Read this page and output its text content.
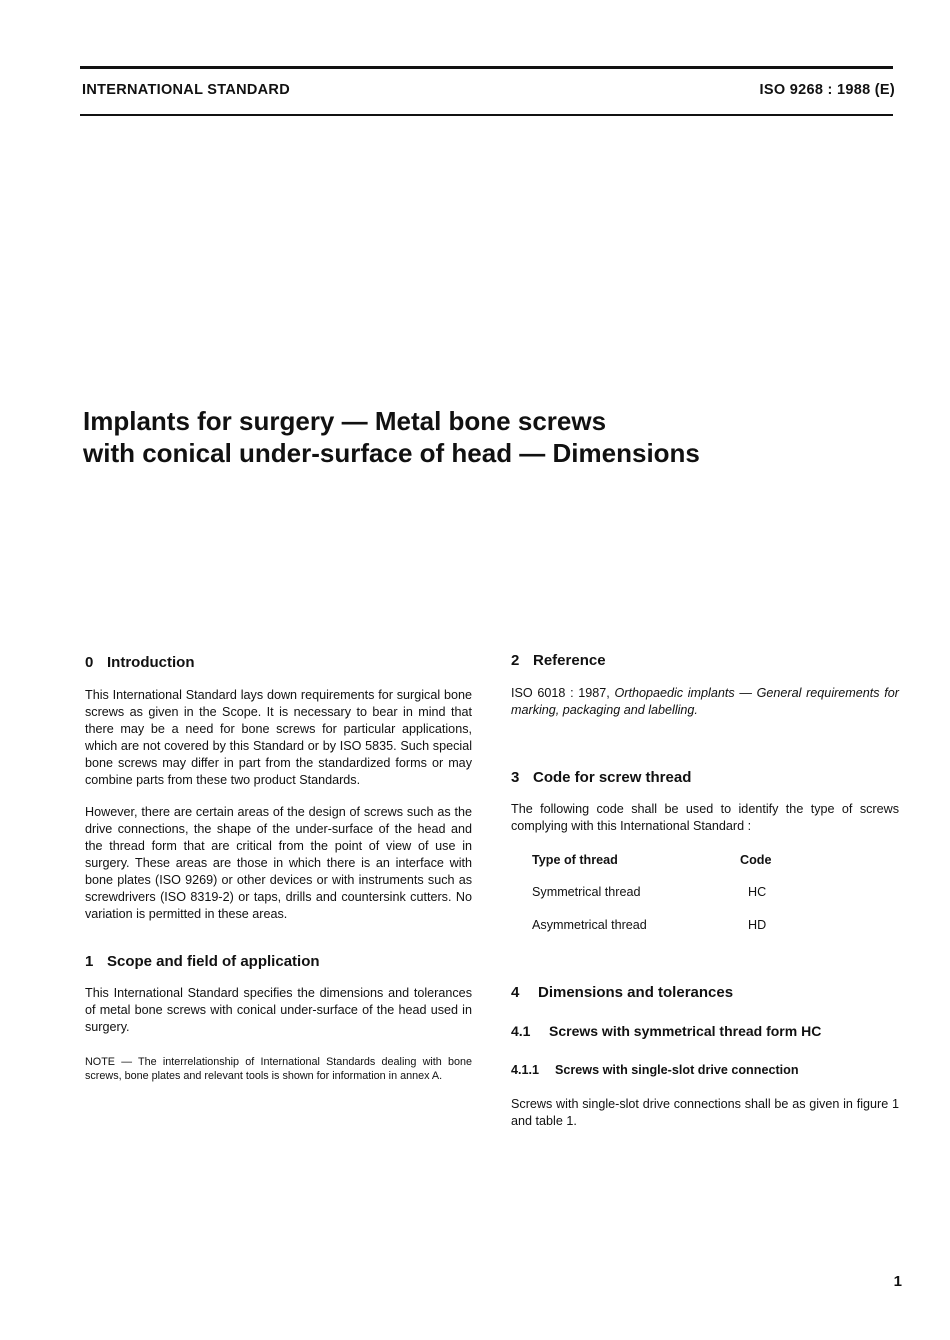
INTERNATIONAL STANDARD	ISO 9268 : 1988 (E)
Implants for surgery — Metal bone screws
with conical under-surface of head — Dimensions
0 Introduction

This International Standard lays down requirements for surgical bone screws as given in the Scope. It is necessary to bear in mind that there may be a need for bone screws for particular applications, which are not covered by this Standard or by ISO 5835. Such special bone screws may differ in part from the standardized forms or may combine parts from these two product Standards.

However, there are certain areas of the design of screws such as the drive connections, the shape of the under-surface of the head and the thread form that are critical from the point of view of use in surgery. These areas are those in which there is an interface with bone plates (ISO 9269) or other devices or with instruments such as screwdrivers (ISO 8319-2) or taps, drills and countersink cutters. No variation is permitted in these areas.

1 Scope and field of application

This International Standard specifies the dimensions and tolerances of metal bone screws with conical under-surface of the head used in surgery.

NOTE — The interrelationship of International Standards dealing with bone screws, bone plates and relevant tools is shown for information in annex A.

2 Reference

ISO 6018 : 1987, Orthopaedic implants — General requirements for marking, packaging and labelling.

3 Code for screw thread

The following code shall be used to identify the type of screws complying with this International Standard :

Type of thread	Code
Symmetrical thread	HC
Asymmetrical thread	HD
4 Dimensions and tolerances
4.1 Screws with symmetrical thread form HC
4.1.1 Screws with single-slot drive connection

Screws with single-slot drive connections shall be as given in figure 1 and table 1.

1
